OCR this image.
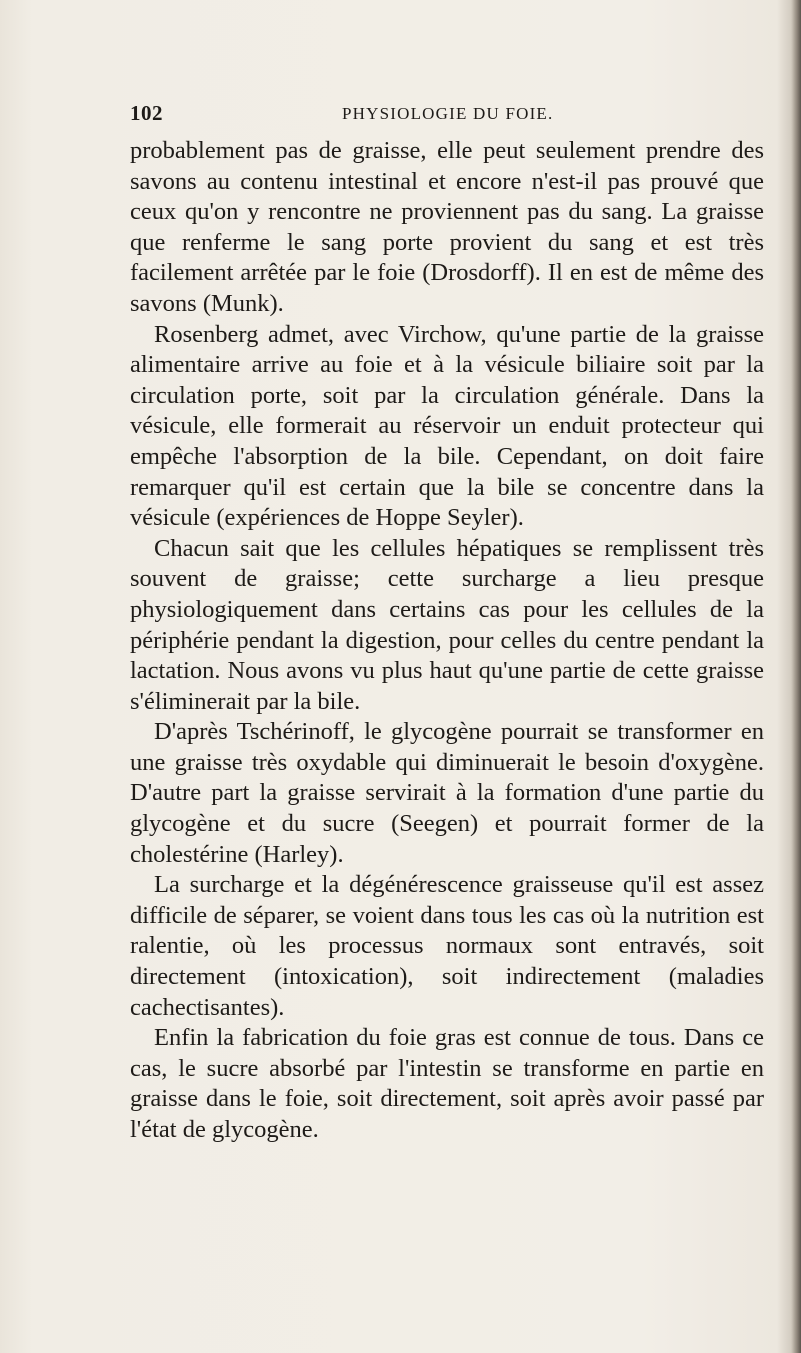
102	PHYSIOLOGIE DU FOIE.

probablement pas de graisse, elle peut seulement prendre des savons au contenu intestinal et encore n'est-il pas prouvé que ceux qu'on y rencontre ne proviennent pas du sang. La graisse que renferme le sang porte provient du sang et est très facilement arrêtée par le foie (Drosdorff). Il en est de même des savons (Munk).

Rosenberg admet, avec Virchow, qu'une partie de la graisse alimentaire arrive au foie et à la vésicule biliaire soit par la circulation porte, soit par la circulation générale. Dans la vésicule, elle formerait au réservoir un enduit protecteur qui empêche l'absorption de la bile. Cependant, on doit faire remarquer qu'il est certain que la bile se concentre dans la vésicule (expériences de Hoppe Seyler).

Chacun sait que les cellules hépatiques se remplissent très souvent de graisse; cette surcharge a lieu presque physiologiquement dans certains cas pour les cellules de la périphérie pendant la digestion, pour celles du centre pendant la lactation. Nous avons vu plus haut qu'une partie de cette graisse s'éliminerait par la bile.

D'après Tschérinoff, le glycogène pourrait se transformer en une graisse très oxydable qui diminuerait le besoin d'oxygène. D'autre part la graisse servirait à la formation d'une partie du glycogène et du sucre (Seegen) et pourrait former de la cholestérine (Harley).

La surcharge et la dégénérescence graisseuse qu'il est assez difficile de séparer, se voient dans tous les cas où la nutrition est ralentie, où les processus normaux sont entravés, soit directement (intoxication), soit indirectement (maladies cachectisantes).

Enfin la fabrication du foie gras est connue de tous. Dans ce cas, le sucre absorbé par l'intestin se transforme en partie en graisse dans le foie, soit directement, soit après avoir passé par l'état de glycogène.
